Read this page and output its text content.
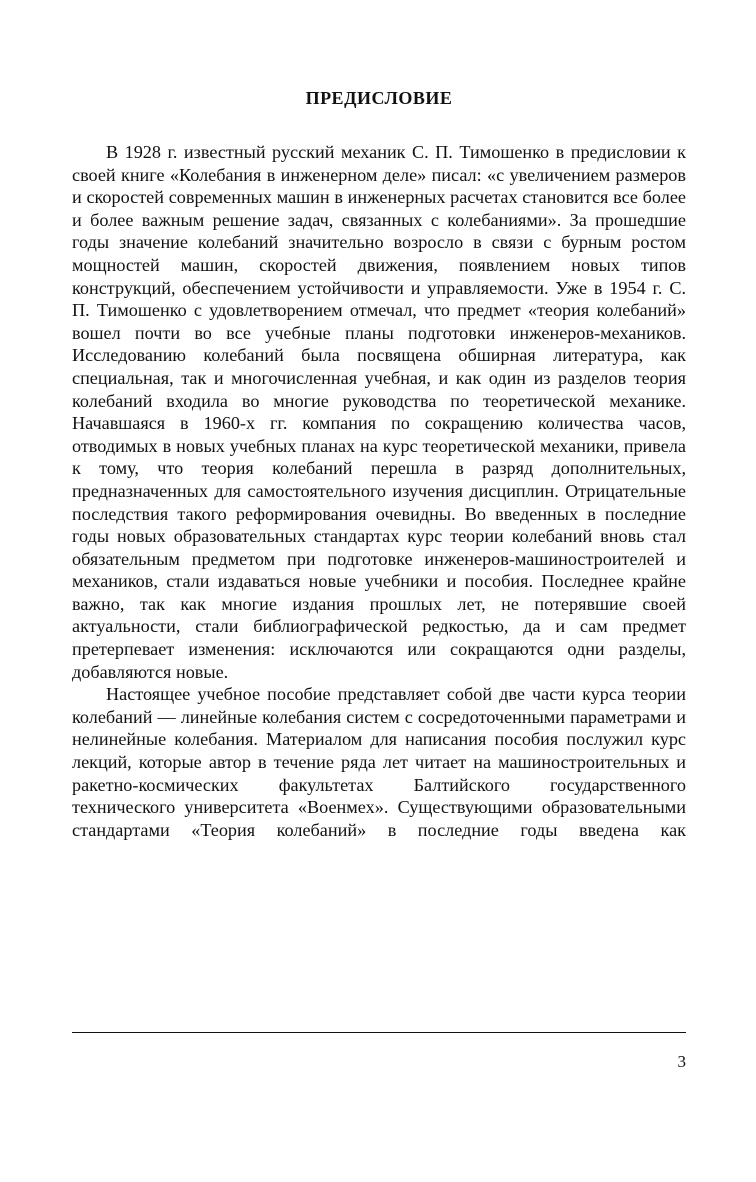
ПРЕДИСЛОВИЕ

В 1928 г. известный русский механик С. П. Тимошенко в предисловии к своей книге «Колебания в инженерном деле» писал: «с увеличением размеров и скоростей современных машин в инженерных расчетах становится все более и более важным решение задач, связанных с колебаниями». За прошедшие годы значение колебаний значительно возросло в связи с бурным ростом мощностей машин, скоростей движения, появлением новых типов конструкций, обеспечением устойчивости и управляемости. Уже в 1954 г. С. П. Тимошенко с удовлетворением отмечал, что предмет «теория колебаний» вошел почти во все учебные планы подготовки инженеров-механиков. Исследованию колебаний была посвящена обширная литература, как специальная, так и многочисленная учебная, и как один из разделов теория колебаний входила во многие руководства по теоретической механике. Начавшаяся в 1960-х гг. компания по сокращению количества часов, отводимых в новых учебных планах на курс теоретической механики, привела к тому, что теория колебаний перешла в разряд дополнительных, предназначенных для самостоятельного изучения дисциплин. Отрицательные последствия такого реформирования очевидны. Во введенных в последние годы новых образовательных стандартах курс теории колебаний вновь стал обязательным предметом при подготовке инженеров-машиностроителей и механиков, стали издаваться новые учебники и пособия. Последнее крайне важно, так как многие издания прошлых лет, не потерявшие своей актуальности, стали библиографической редкостью, да и сам предмет претерпевает изменения: исключаются или сокращаются одни разделы, добавляются новые.

Настоящее учебное пособие представляет собой две части курса теории колебаний — линейные колебания систем с сосредоточенными параметрами и нелинейные колебания. Материалом для написания пособия послужил курс лекций, которые автор в течение ряда лет читает на машиностроительных и ракетно-космических факультетах Балтийского государственного технического университета «Военмех». Существующими образовательными стандартами «Теория колебаний» в последние годы введена как

3
